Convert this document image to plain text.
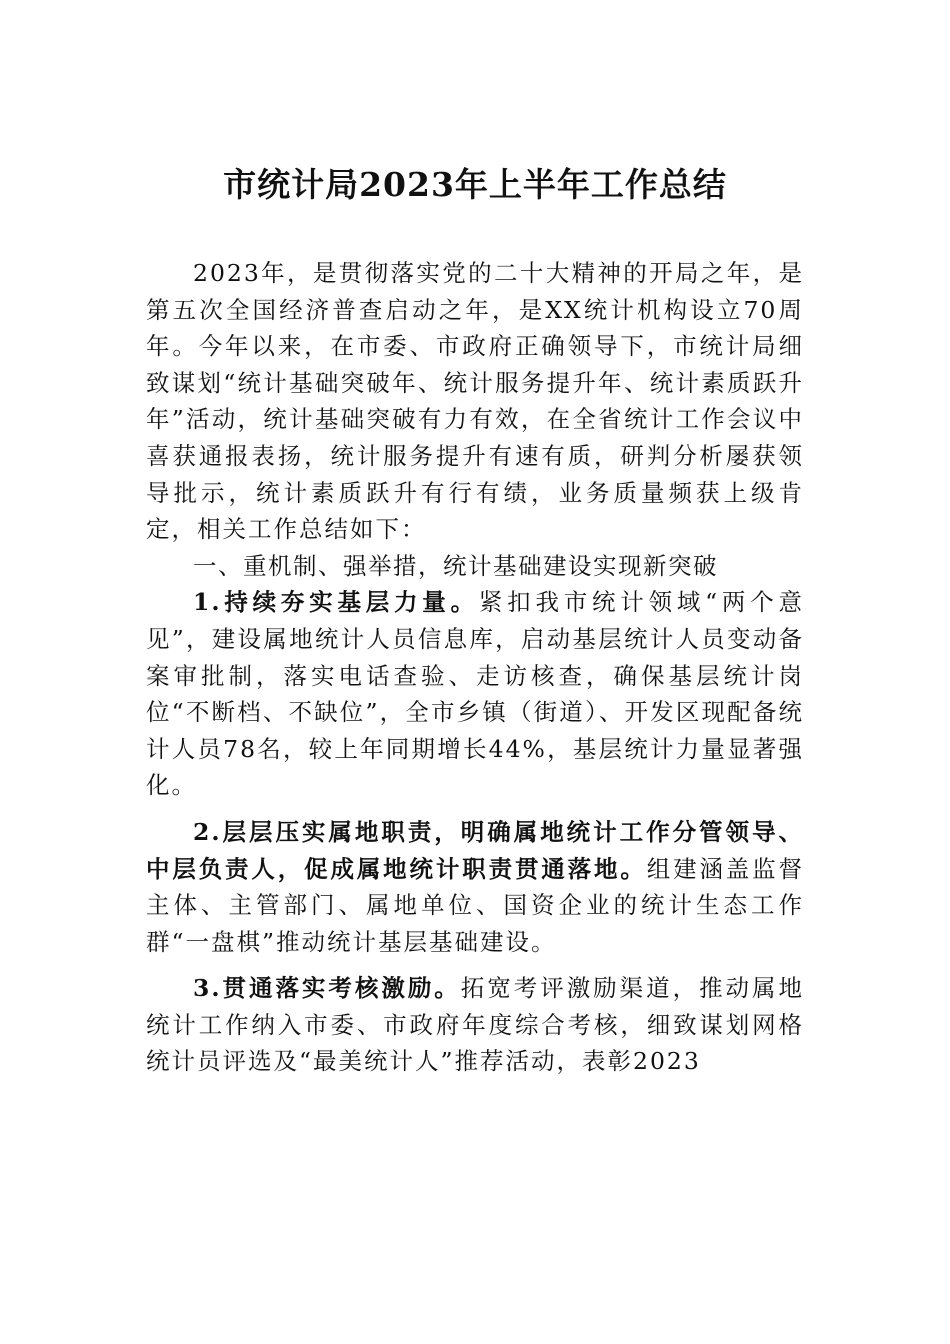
市统计局2023年上半年工作总结

2023年，是贯彻落实党的二十大精神的开局之年，是第五次全国经济普查启动之年，是XX统计机构设立70周年。今年以来，在市委、市政府正确领导下，市统计局细致谋划“统计基础突破年、统计服务提升年、统计素质跃升年”活动，统计基础突破有力有效，在全省统计工作会议中喜获通报表扬，统计服务提升有速有质，研判分析屡获领导批示，统计素质跃升有行有绩，业务质量频获上级肯定，相关工作总结如下：

一、重机制、强举措，统计基础建设实现新突破

1.持续夯实基层力量。紧扣我市统计领域“两个意见”，建设属地统计人员信息库，启动基层统计人员变动备案审批制，落实电话查验、走访核查，确保基层统计岗位“不断档、不缺位”，全市乡镇（街道）、开发区现配备统计人员78名，较上年同期增长44%，基层统计力量显著强化。

2.层层压实属地职责，明确属地统计工作分管领导、中层负责人，促成属地统计职责贯通落地。组建涵盖监督主体、主管部门、属地单位、国资企业的统计生态工作群“一盘棋”推动统计基层基础建设。

3.贯通落实考核激励。拓宽考评激励渠道，推动属地统计工作纳入市委、市政府年度综合考核，细致谋划网格统计员评选及“最美统计人”推荐活动，表彰2023
